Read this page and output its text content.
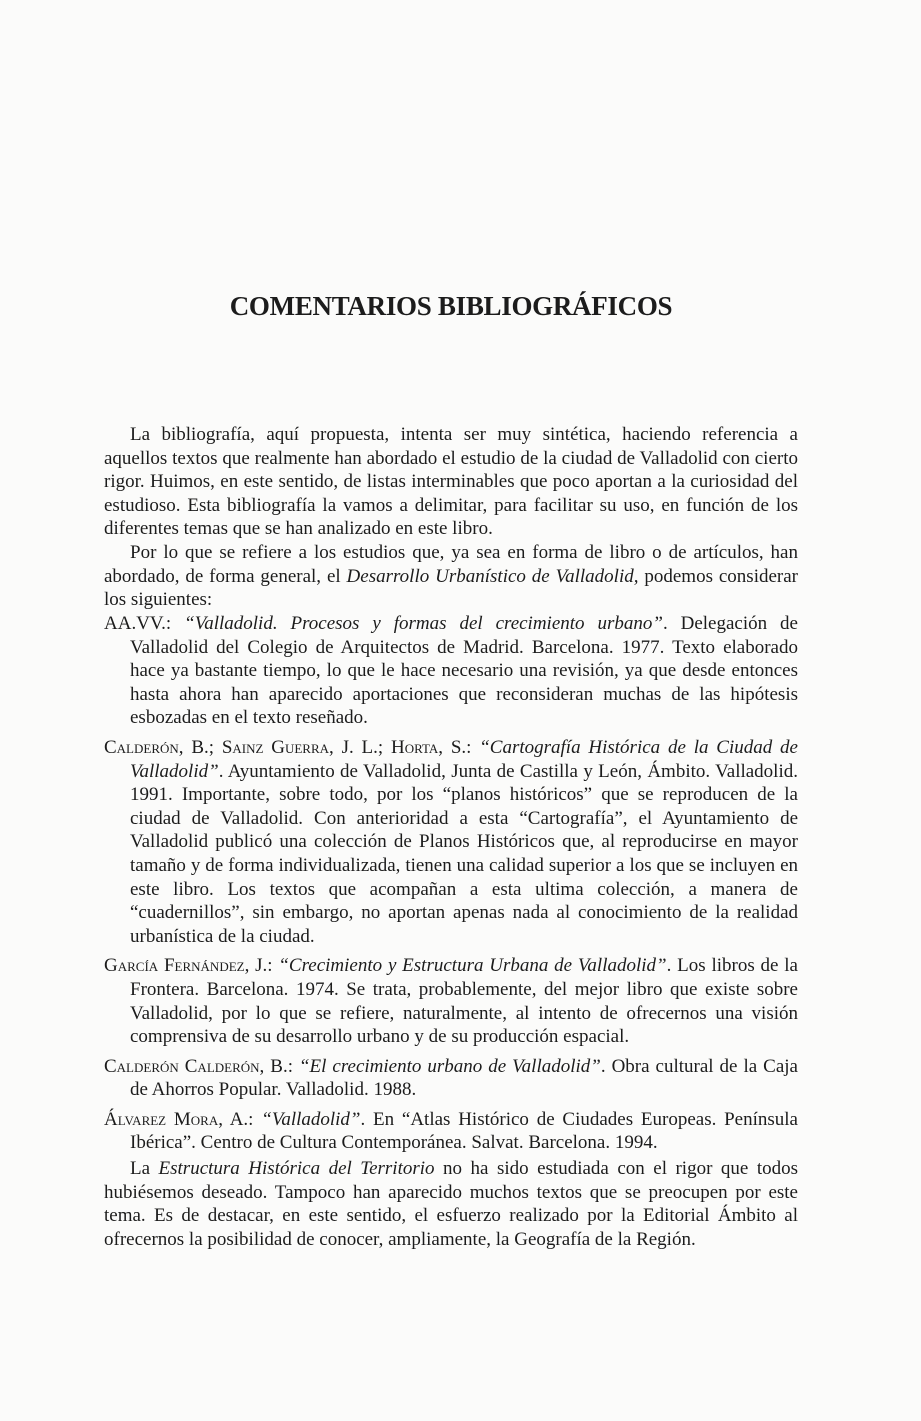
COMENTARIOS BIBLIOGRÁFICOS

La bibliografía, aquí propuesta, intenta ser muy sintética, haciendo referencia a aquellos textos que realmente han abordado el estudio de la ciudad de Valladolid con cierto rigor. Huimos, en este sentido, de listas interminables que poco aportan a la curiosidad del estudioso. Esta bibliografía la vamos a delimitar, para facilitar su uso, en función de los diferentes temas que se han analizado en este libro.

Por lo que se refiere a los estudios que, ya sea en forma de libro o de artículos, han abordado, de forma general, el Desarrollo Urbanístico de Valladolid, podemos considerar los siguientes:

AA.VV.: “Valladolid. Procesos y formas del crecimiento urbano”. Delegación de Valladolid del Colegio de Arquitectos de Madrid. Barcelona. 1977. Texto elaborado hace ya bastante tiempo, lo que le hace necesario una revisión, ya que desde entonces hasta ahora han aparecido aportaciones que reconsideran muchas de las hipótesis esbozadas en el texto reseñado.

Calderón, B.; Sainz Guerra, J. L.; Horta, S.: “Cartografía Histórica de la Ciudad de Valladolid”. Ayuntamiento de Valladolid, Junta de Castilla y León, Ámbito. Valladolid. 1991. Importante, sobre todo, por los “planos históricos” que se reproducen de la ciudad de Valladolid. Con anterioridad a esta “Cartografía”, el Ayuntamiento de Valladolid publicó una colección de Planos Históricos que, al reproducirse en mayor tamaño y de forma individualizada, tienen una calidad superior a los que se incluyen en este libro. Los textos que acompañan a esta ultima colección, a manera de “cuadernillos”, sin embargo, no aportan apenas nada al conocimiento de la realidad urbanística de la ciudad.

García Fernández, J.: “Crecimiento y Estructura Urbana de Valladolid”. Los libros de la Frontera. Barcelona. 1974. Se trata, probablemente, del mejor libro que existe sobre Valladolid, por lo que se refiere, naturalmente, al intento de ofrecernos una visión comprensiva de su desarrollo urbano y de su producción espacial.

Calderón Calderón, B.: “El crecimiento urbano de Valladolid”. Obra cultural de la Caja de Ahorros Popular. Valladolid. 1988.

Álvarez Mora, A.: “Valladolid”. En “Atlas Histórico de Ciudades Europeas. Península Ibérica”. Centro de Cultura Contemporánea. Salvat. Barcelona. 1994.

La Estructura Histórica del Territorio no ha sido estudiada con el rigor que todos hubiésemos deseado. Tampoco han aparecido muchos textos que se preocupen por este tema. Es de destacar, en este sentido, el esfuerzo realizado por la Editorial Ámbito al ofrecernos la posibilidad de conocer, ampliamente, la Geografía de la Región.
